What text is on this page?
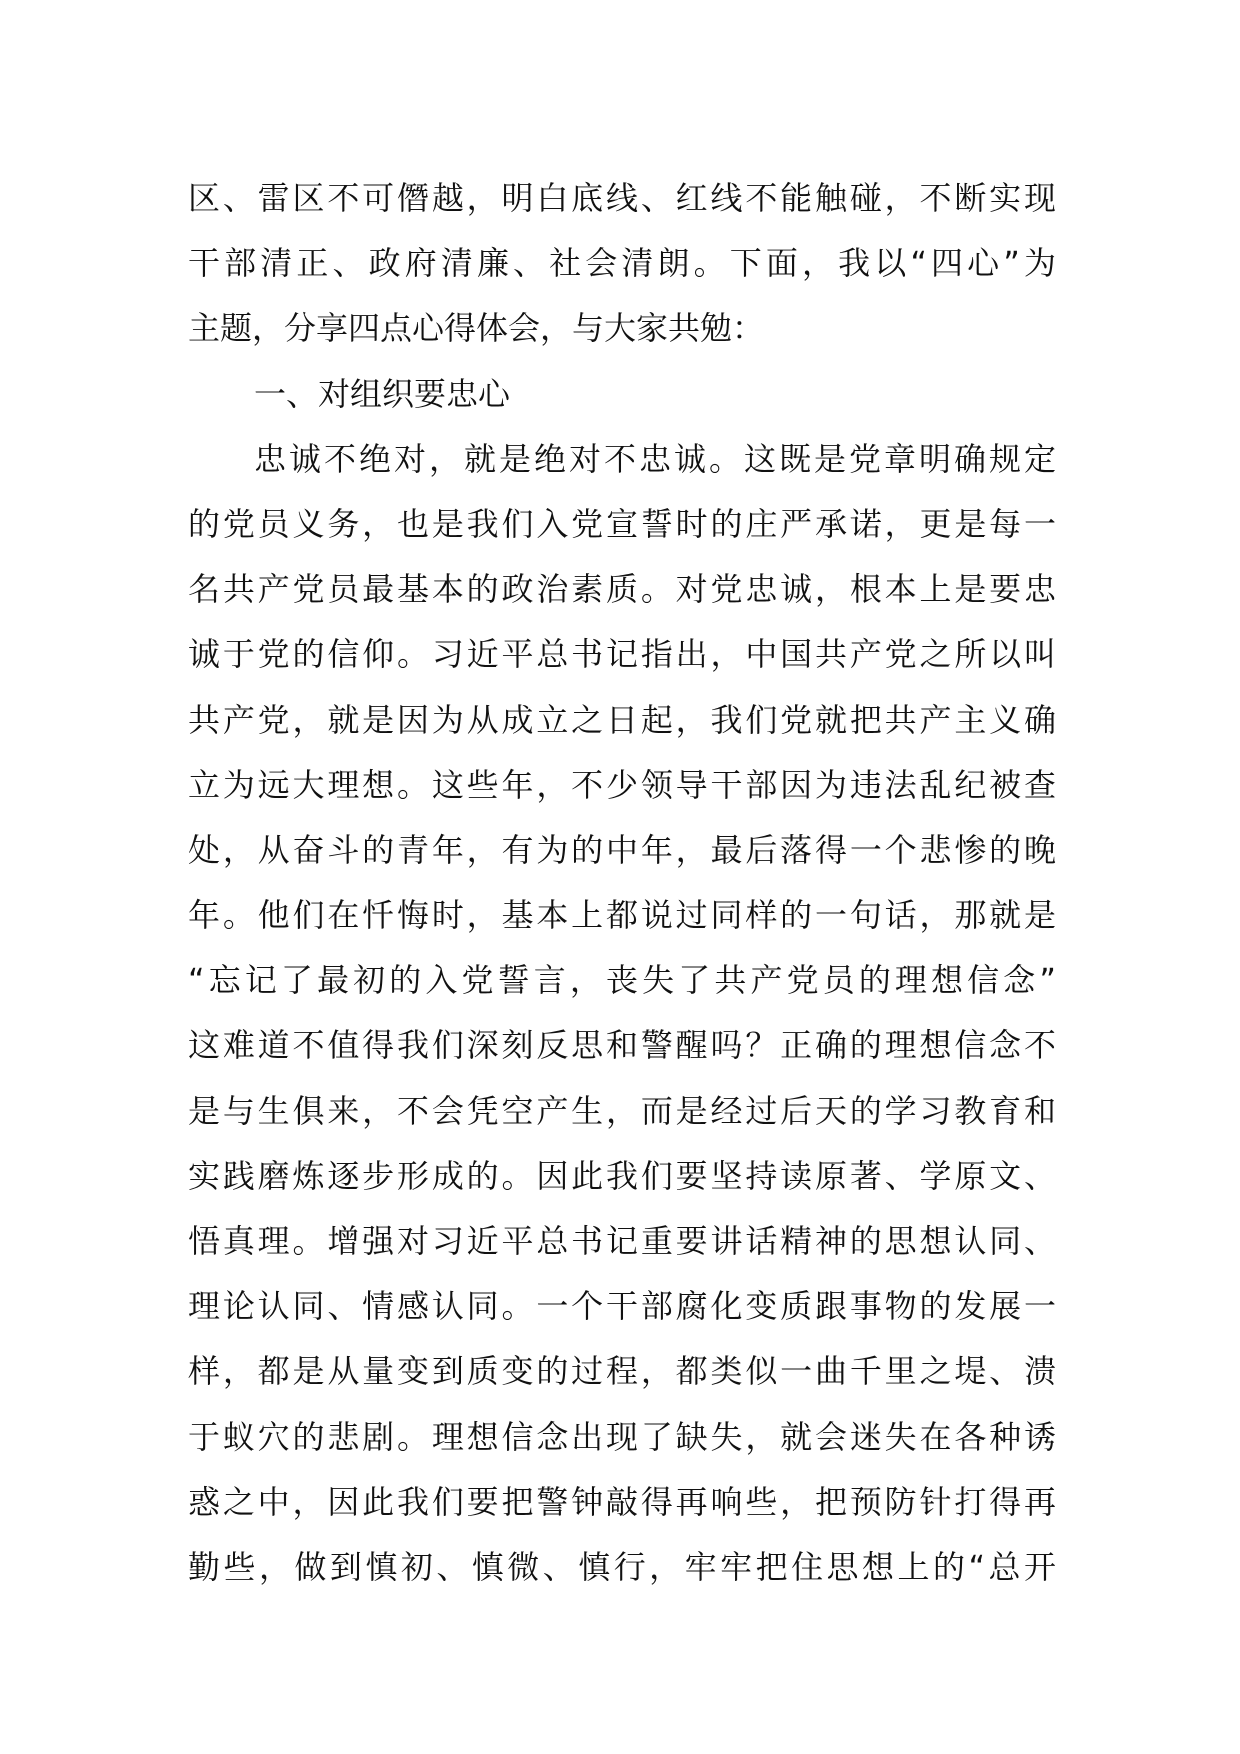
区、雷区不可僭越，明白底线、红线不能触碰，不断实现
干部清正、政府清廉、社会清朗。下面，我以“四心”为
主题，分享四点心得体会，与大家共勉：
一、对组织要忠心
忠诚不绝对，就是绝对不忠诚。这既是党章明确规定
的党员义务，也是我们入党宣誓时的庄严承诺，更是每一
名共产党员最基本的政治素质。对党忠诚，根本上是要忠
诚于党的信仰。习近平总书记指出，中国共产党之所以叫
共产党，就是因为从成立之日起，我们党就把共产主义确
立为远大理想。这些年，不少领导干部因为违法乱纪被查
处，从奋斗的青年，有为的中年，最后落得一个悲惨的晚
年。他们在忏悔时，基本上都说过同样的一句话，那就是
“忘记了最初的入党誓言，丧失了共产党员的理想信念”
这难道不值得我们深刻反思和警醒吗？正确的理想信念不
是与生俱来，不会凭空产生，而是经过后天的学习教育和
实践磨炼逐步形成的。因此我们要坚持读原著、学原文、
悟真理。增强对习近平总书记重要讲话精神的思想认同、
理论认同、情感认同。一个干部腐化变质跟事物的发展一
样，都是从量变到质变的过程，都类似一曲千里之堤、溃
于蚁穴的悲剧。理想信念出现了缺失，就会迷失在各种诱
惑之中，因此我们要把警钟敲得再响些，把预防针打得再
勤些，做到慎初、慎微、慎行，牢牢把住思想上的“总开
